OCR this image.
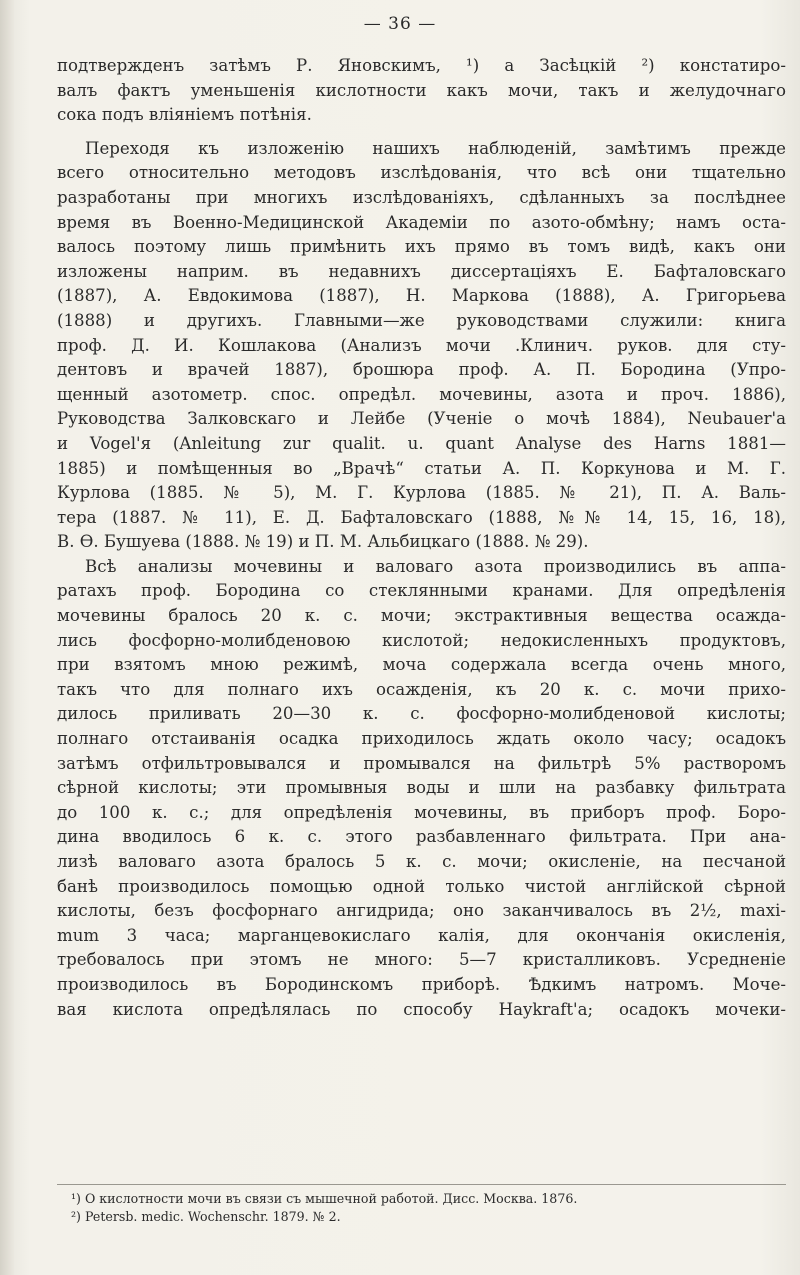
— 36 —
подтвержденъ затѣмъ Р. Яновскимъ, ¹) а Засѣцкій ²) констатиро-
валъ фактъ уменьшенія кислотности какъ мочи, такъ и желудочнаго
сока подъ вліяніемъ потѣнія.
Переходя къ изложенію нашихъ наблюденій, замѣтимъ прежде
всего относительно методовъ изслѣдованія, что всѣ они тщательно
разработаны при многихъ изслѣдованіяхъ, сдѣланныхъ за послѣднее
время въ Военно-Медицинской Академіи по азото-обмѣну; намъ оста-
валось поэтому лишь примѣнить ихъ прямо въ томъ видѣ, какъ они
изложены наприм. въ недавнихъ диссертаціяхъ Е. Бафталовскаго
(1887), А. Евдокимова (1887), Н. Маркова (1888), А. Григорьева
(1888) и другихъ. Главными—же руководствами служили: книга
проф. Д. И. Кошлакова (Анализъ мочи .Клинич. руков. для сту-
дентовъ и врачей 1887), брошюра проф. А. П. Бородина (Упро-
щенный азотометр. спос. опредѣл. мочевины, азота и проч. 1886),
Руководства Залковскаго и Лейбе (Ученіе о мочѣ 1884), Neubauer'а
и Vogel'я (Anleitung zur qualit. u. quant Analyse des Harns 1881—
1885) и помѣщенныя во „Врачѣ“ статьи А. П. Коркунова и М. Г.
Курлова (1885. № 5), М. Г. Курлова (1885. № 21), П. А. Валь-
тера (1887. № 11), Е. Д. Бафталовскаго (1888, №№ 14, 15, 16, 18),
В. Ѳ. Бушуева (1888. № 19) и П. М. Альбицкаго (1888. № 29).
Всѣ анализы мочевины и валоваго азота производились въ аппа-
ратахъ проф. Бородина со стеклянными кранами. Для опредѣленія
мочевины бралось 20 к. с. мочи; экстрактивныя вещества осажда-
лись фосфорно-молибденовою кислотой; недокисленныхъ продуктовъ,
при взятомъ мною режимѣ, моча содержала всегда очень много,
такъ что для полнаго ихъ осажденія, къ 20 к. с. мочи прихо-
дилось приливать 20—30 к. с. фосфорно-молибденовой кислоты;
полнаго отстаиванія осадка приходилось ждать около часу; осадокъ
затѣмъ отфильтровывался и промывался на фильтрѣ 5% растворомъ
сѣрной кислоты; эти промывныя воды и шли на разбавку фильтрата
до 100 к. с.; для опредѣленія мочевины, въ приборъ проф. Боро-
дина вводилось 6 к. с. этого разбавленнаго фильтрата. При ана-
лизѣ валоваго азота бралось 5 к. с. мочи; окисленіе, на песчаной
банѣ производилось помощью одной только чистой англійской сѣрной
кислоты, безъ фосфорнаго ангидрида; оно заканчивалось въ 2½, maxi-
mum 3 часа; марганцевокислаго калія, для окончанія окисленія,
требовалось при этомъ не много: 5—7 кристалликовъ. Усредненіе
производилось въ Бородинскомъ приборѣ. Ѣдкимъ натромъ. Моче-
вая кислота опредѣлялась по способу Haykraft'а; осадокъ мочеки-
¹) О кислотности мочи въ связи съ мышечной работой. Дисс. Москва. 1876.
²) Petersb. medic. Wochenschr. 1879. № 2.
